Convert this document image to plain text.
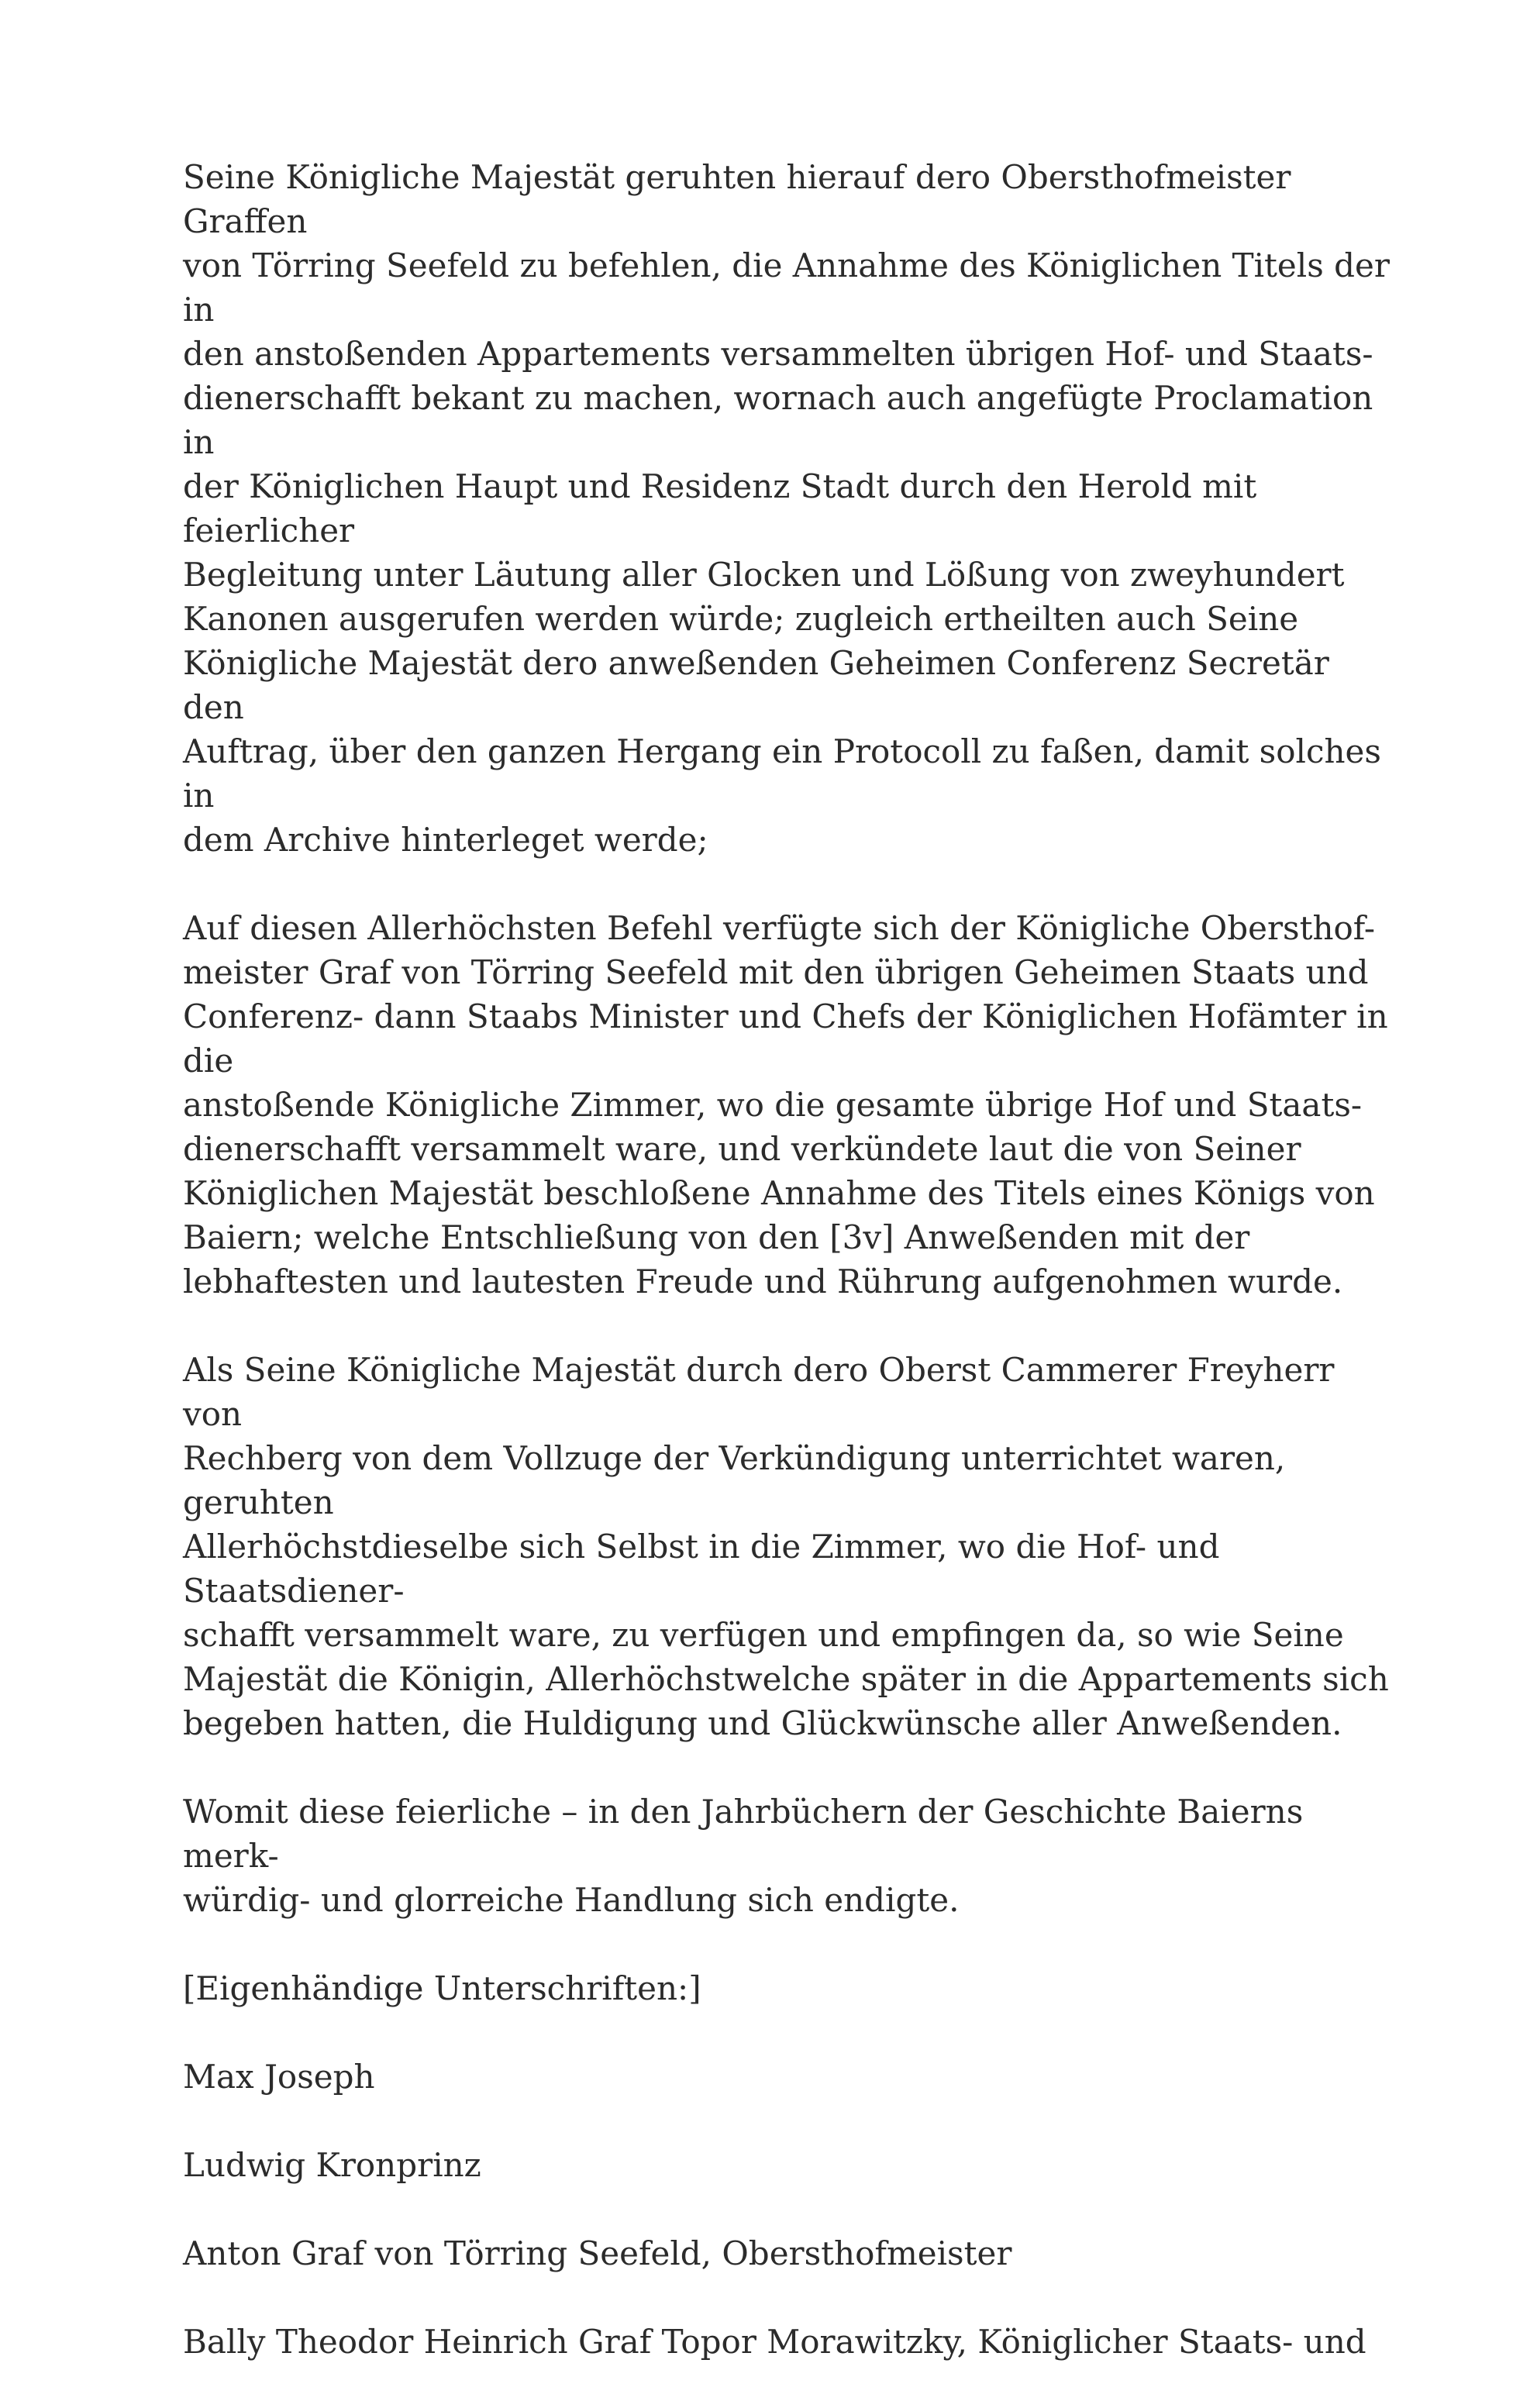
Seine Königliche Majestät geruhten hierauf dero Obersthofmeister Graffen
von Törring Seefeld zu befehlen, die Annahme des Königlichen Titels der in
den anstoßenden Appartements versammelten übrigen Hof- und Staats-
dienerschafft bekant zu machen, wornach auch angefügte Proclamation in
der Königlichen Haupt und Residenz Stadt durch den Herold mit feierlicher
Begleitung unter Läutung aller Glocken und Lößung von zweyhundert
Kanonen ausgerufen werden würde; zugleich ertheilten auch Seine
Königliche Majestät dero anweßenden Geheimen Conferenz Secretär den
Auftrag, über den ganzen Hergang ein Protocoll zu faßen, damit solches in
dem Archive hinterleget werde;

Auf diesen Allerhöchsten Befehl verfügte sich der Königliche Obersthof-
meister Graf von Törring Seefeld mit den übrigen Geheimen Staats und
Conferenz- dann Staabs Minister und Chefs der Königlichen Hofämter in die
anstoßende Königliche Zimmer, wo die gesamte übrige Hof und Staats-
dienerschafft versammelt ware, und verkündete laut die von Seiner
Königlichen Majestät beschloßene Annahme des Titels eines Königs von
Baiern; welche Entschließung von den [3v] Anweßenden mit der
lebhaftesten und lautesten Freude und Rührung aufgenohmen wurde.

Als Seine Königliche Majestät durch dero Oberst Cammerer Freyherr von
Rechberg von dem Vollzuge der Verkündigung unterrichtet waren, geruhten
Allerhöchstdieselbe sich Selbst in die Zimmer, wo die Hof- und Staatsdiener-
schafft versammelt ware, zu verfügen und empfingen da, so wie Seine
Majestät die Königin, Allerhöchstwelche später in die Appartements sich
begeben hatten, die Huldigung und Glückwünsche aller Anweßenden.

Womit diese feierliche – in den Jahrbüchern der Geschichte Baierns merk-
würdig- und glorreiche Handlung sich endigte.

[Eigenhändige Unterschriften:]

Max Joseph

Ludwig Kronprinz

Anton Graf von Törring Seefeld, Obersthofmeister

Bally Theodor Heinrich Graf Topor Morawitzky, Königlicher Staats- und
